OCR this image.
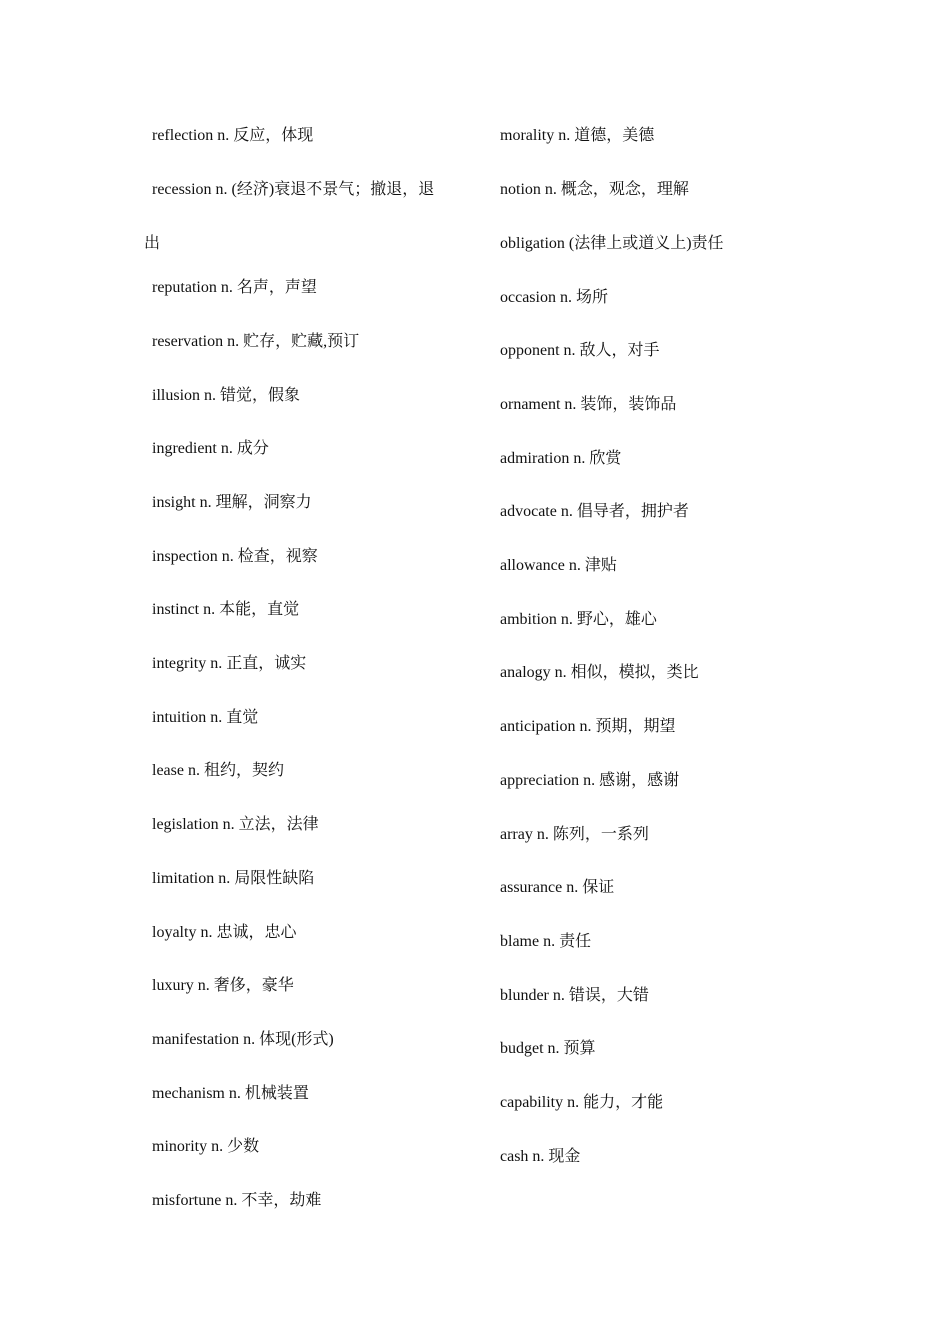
reflection n. 反应，体现
recession n. (经济)衰退不景气；撤退，退
出
reputation n. 名声，声望
reservation n. 贮存，贮藏,预订
illusion n. 错觉，假象
ingredient n. 成分
insight n. 理解，洞察力
inspection n. 检查，视察
instinct n. 本能，直觉
integrity n. 正直，诚实
intuition n. 直觉
lease n. 租约，契约
legislation n. 立法，法律
limitation n. 局限性缺陷
loyalty n. 忠诚，忠心
luxury n. 奢侈，豪华
manifestation n. 体现(形式)
mechanism n. 机械装置
minority n. 少数
misfortune n. 不幸，劫难
morality n. 道德，美德
notion n. 概念，观念，理解
obligation (法律上或道义上)责任
occasion n. 场所
opponent n. 敌人，对手
ornament n. 装饰，装饰品
admiration n. 欣赏
advocate n. 倡导者，拥护者
allowance n. 津贴
ambition n. 野心，雄心
analogy n. 相似，模拟，类比
anticipation n. 预期，期望
appreciation n. 感谢，感谢
array n. 陈列，一系列
assurance n. 保证
blame n. 责任
blunder n. 错误，大错
budget n. 预算
capability n. 能力，才能
cash n. 现金
